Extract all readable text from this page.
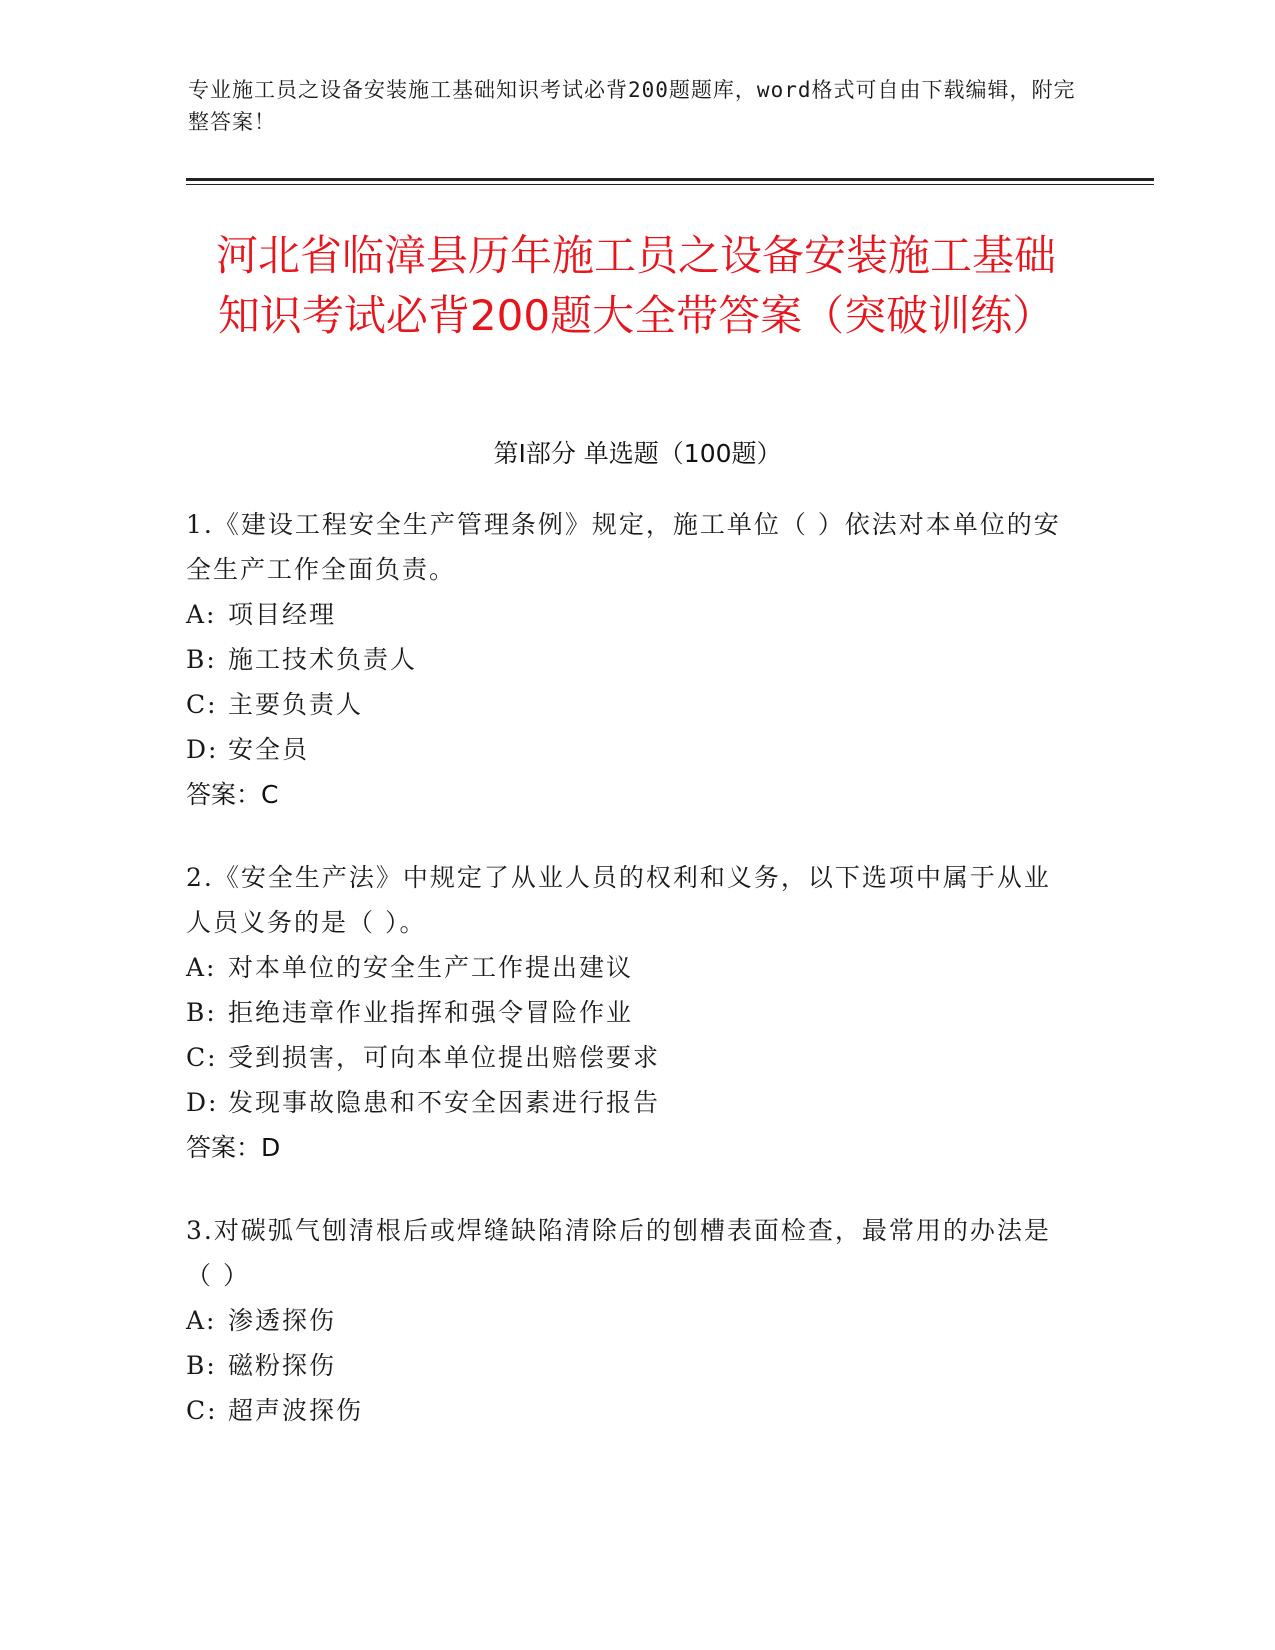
专业施工员之设备安装施工基础知识考试必背200题题库，word格式可自由下载编辑，附完整答案！
河北省临漳县历年施工员之设备安装施工基础知识考试必背200题大全带答案（突破训练）
第Ⅰ部分 单选题（100题）
1.《建设工程安全生产管理条例》规定，施工单位（ ）依法对本单位的安全生产工作全面负责。
A: 项目经理
B: 施工技术负责人
C: 主要负责人
D: 安全员
答案：C
2.《安全生产法》中规定了从业人员的权利和义务，以下选项中属于从业人员义务的是（ ）。
A: 对本单位的安全生产工作提出建议
B: 拒绝违章作业指挥和强令冒险作业
C: 受到损害，可向本单位提出赔偿要求
D: 发现事故隐患和不安全因素进行报告
答案：D
3.对碳弧气刨清根后或焊缝缺陷清除后的刨槽表面检查，最常用的办法是（ ）
A: 渗透探伤
B: 磁粉探伤
C: 超声波探伤
